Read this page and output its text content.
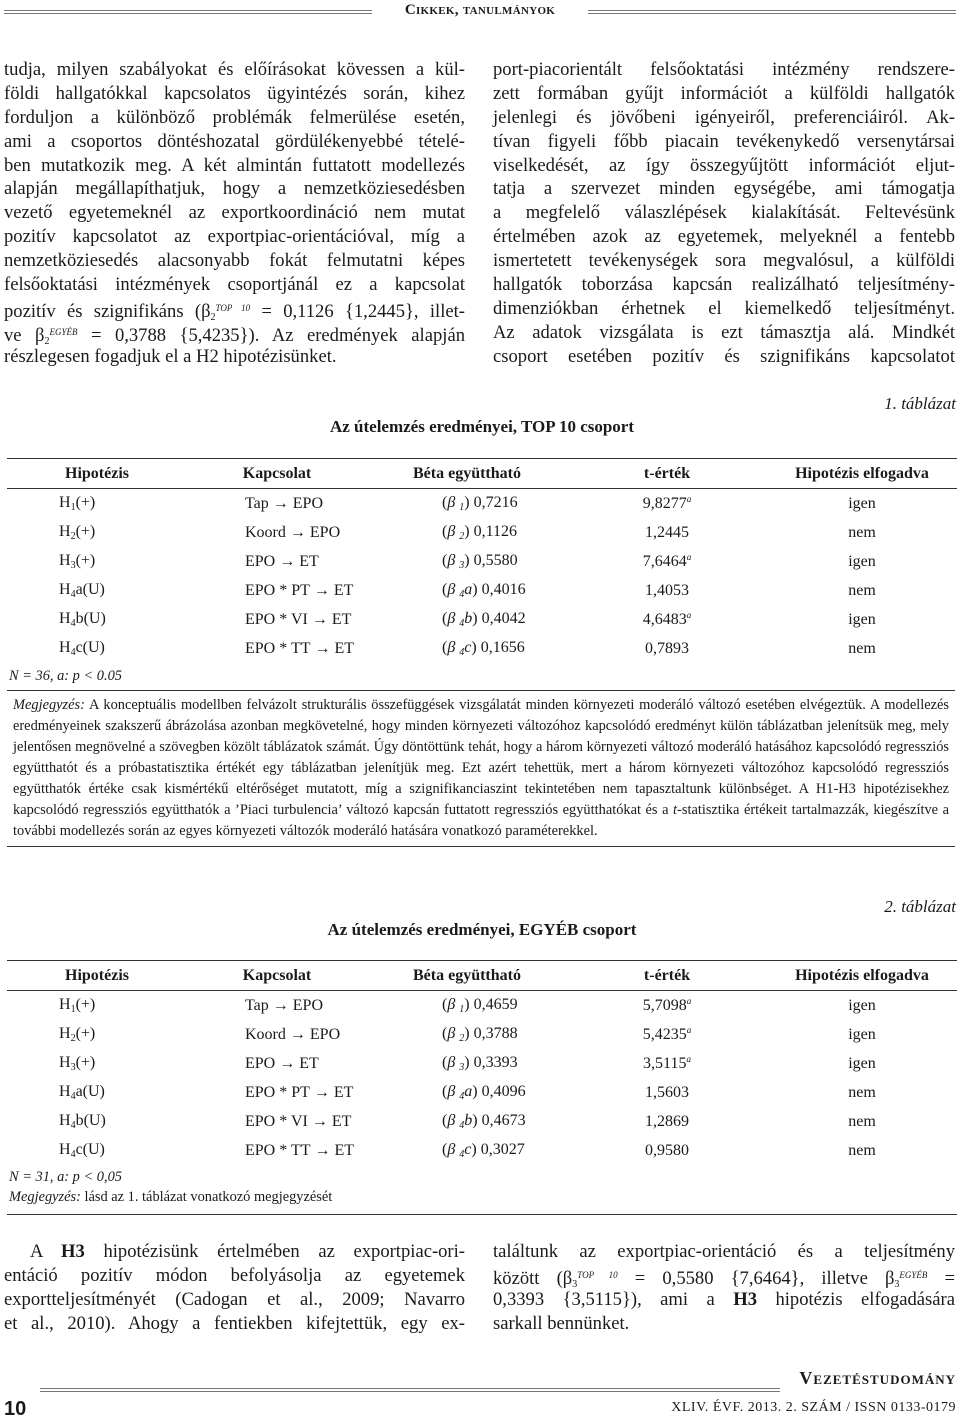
Cikkek, tanulmányok
tudja, milyen szabályokat és előírásokat kövessen a kül-
földi hallgatókkal kapcsolatos ügyintézés során, kihez
forduljon a különböző problémák felmerülése esetén,
ami a csoportos döntéshozatal gördülékenyebbé tételé-
ben mutatkozik meg. A két almintán futtatott modellezés
alapján megállapíthatjuk, hogy a nemzetköziesedésben
vezető egyetemeknél az exportkoordináció nem mutat
pozitív kapcsolatot az exportpiac-orientációval, míg a
nemzetköziesedés alacsonyabb fokát felmutatni képes
felsőoktatási intézmények csoportjánál ez a kapcsolat
pozitív és szignifikáns ($\beta_2^{TOP 10} = 0,1126$ {1,2445}, illet-
ve $\beta_2^{EGYÉB} = 0,3788$ {5,4235}). Az eredmények alapján
részlegesen fogadjuk el a H2 hipotézisünket.
port-piacorientált felsőoktatási intézmény rendszere-
zett formában gyűjt információt a külföldi hallgatók
jelenlegi és jövőbeni igényeiről, preferenciáiról. Ak-
tívan figyeli főbb piacain tevékenykedő versenytársai
viselkedését, az így összegyűjtött információt eljut-
tatja a szervezet minden egységébe, ami támogatja
a megfelelő válaszlépések kialakítását. Feltevésünk
értelmében azok az egyetemek, melyeknél a fentebb
ismertetett tevékenységek sora megvalósul, a külföldi
hallgatók toborzása kapcsán realizálható teljesítmény-
dimenziókban érhetnek el kiemelkedő teljesítményt.
Az adatok vizsgálata is ezt támasztja alá. Mindkét
csoport esetében pozitív és szignifikáns kapcsolatot
1. táblázat
Az útelemzés eredményei, TOP 10 csoport
Hipotézis	Kapcsolat	Béta együttható	t-érték	Hipotézis elfogadva
$H_1(+)$	Tap → EPO	(β $_1$) 0,7216	9,8277$^a$	igen
$H_2(+)$	Koord → EPO	(β $_2$) 0,1126	1,2445	nem
$H_3(+)$	EPO → ET	(β $_3$) 0,5580	7,6464$^a$	igen
$H_4a(U)$	EPO * PT → ET	(β $_4$a) 0,4016	1,4053	nem
$H_4b(U)$	EPO * VI → ET	(β $_4$b) 0,4042	4,6483$^a$	igen
$H_4c(U)$	EPO * TT → ET	(β $_4$c) 0,1656	0,7893	nem
N = 36, a: p < 0.05
Megjegyzés: A konceptuális modellben felvázolt strukturális összefüggések vizsgálatát minden környezeti moderáló változó esetében elvégeztük. A modellezés eredményeinek szakszerű ábrázolása azonban megkövetelné, hogy minden környezeti változóhoz kapcsolódó eredményt külön táblázatban jelenítsük meg, mely jelentősen megnövelné a szövegben közölt táblázatok számát. Úgy döntöttünk tehát, hogy a három környezeti változó moderáló hatásához kapcsolódó regressziós együtthatót és a próbastatisztika értékét egy táblázatban jelenítjük meg. Ezt azért tehettük, mert a három környezeti változóhoz kapcsolódó regressziós együtthatók értéke csak kismértékű eltérőséget mutatott, míg a szignifikanciaszint tekintetében nem tapasztaltunk különbséget. A H1-H3 hipotézisekhez kapcsolódó regressziós együtthatók a ’Piaci turbulencia’ változó kapcsán futtatott regressziós együtthatókat és a t-statisztika értékeit tartalmazzák, kiegészítve a további modellezés során az egyes környezeti változók moderáló hatására vonatkozó paraméterekkel.
2. táblázat
Az útelemzés eredményei, EGYÉB csoport
Hipotézis	Kapcsolat	Béta együttható	t-érték	Hipotézis elfogadva
$H_1(+)$	Tap → EPO	(β $_1$) 0,4659	5,7098$^a$	igen
$H_2(+)$	Koord → EPO	(β $_2$) 0,3788	5,4235$^a$	igen
$H_3(+)$	EPO → ET	(β $_3$) 0,3393	3,5115$^a$	igen
$H_4a(U)$	EPO * PT → ET	(β $_4$a) 0,4096	1,5603	nem
$H_4b(U)$	EPO * VI → ET	(β $_4$b) 0,4673	1,2869	nem
$H_4c(U)$	EPO * TT → ET	(β $_4$c) 0,3027	0,9580	nem
N = 31, a: p < 0,05
Megjegyzés: lásd az 1. táblázat vonatkozó megjegyzését
A H3 hipotézisünk értelmében az exportpiac-ori-
entáció pozitív módon befolyásolja az egyetemek
exportteljesítményét (Cadogan et al., 2009; Navarro
et al., 2010). Ahogy a fentiekben kifejtettük, egy ex-
találtunk az exportpiac-orientáció és a teljesítmény
között ($\beta_3^{TOP 10} = 0,5580$ {7,6464}, illetve $\beta_3^{EGYÉB}$ =
0,3393 {3,5115}), ami a H3 hipotézis elfogadására
sarkall bennünket.
Vezetéstudomány
XLIV. ÉVF. 2013. 2. SZÁM / ISSN 0133-0179
10
